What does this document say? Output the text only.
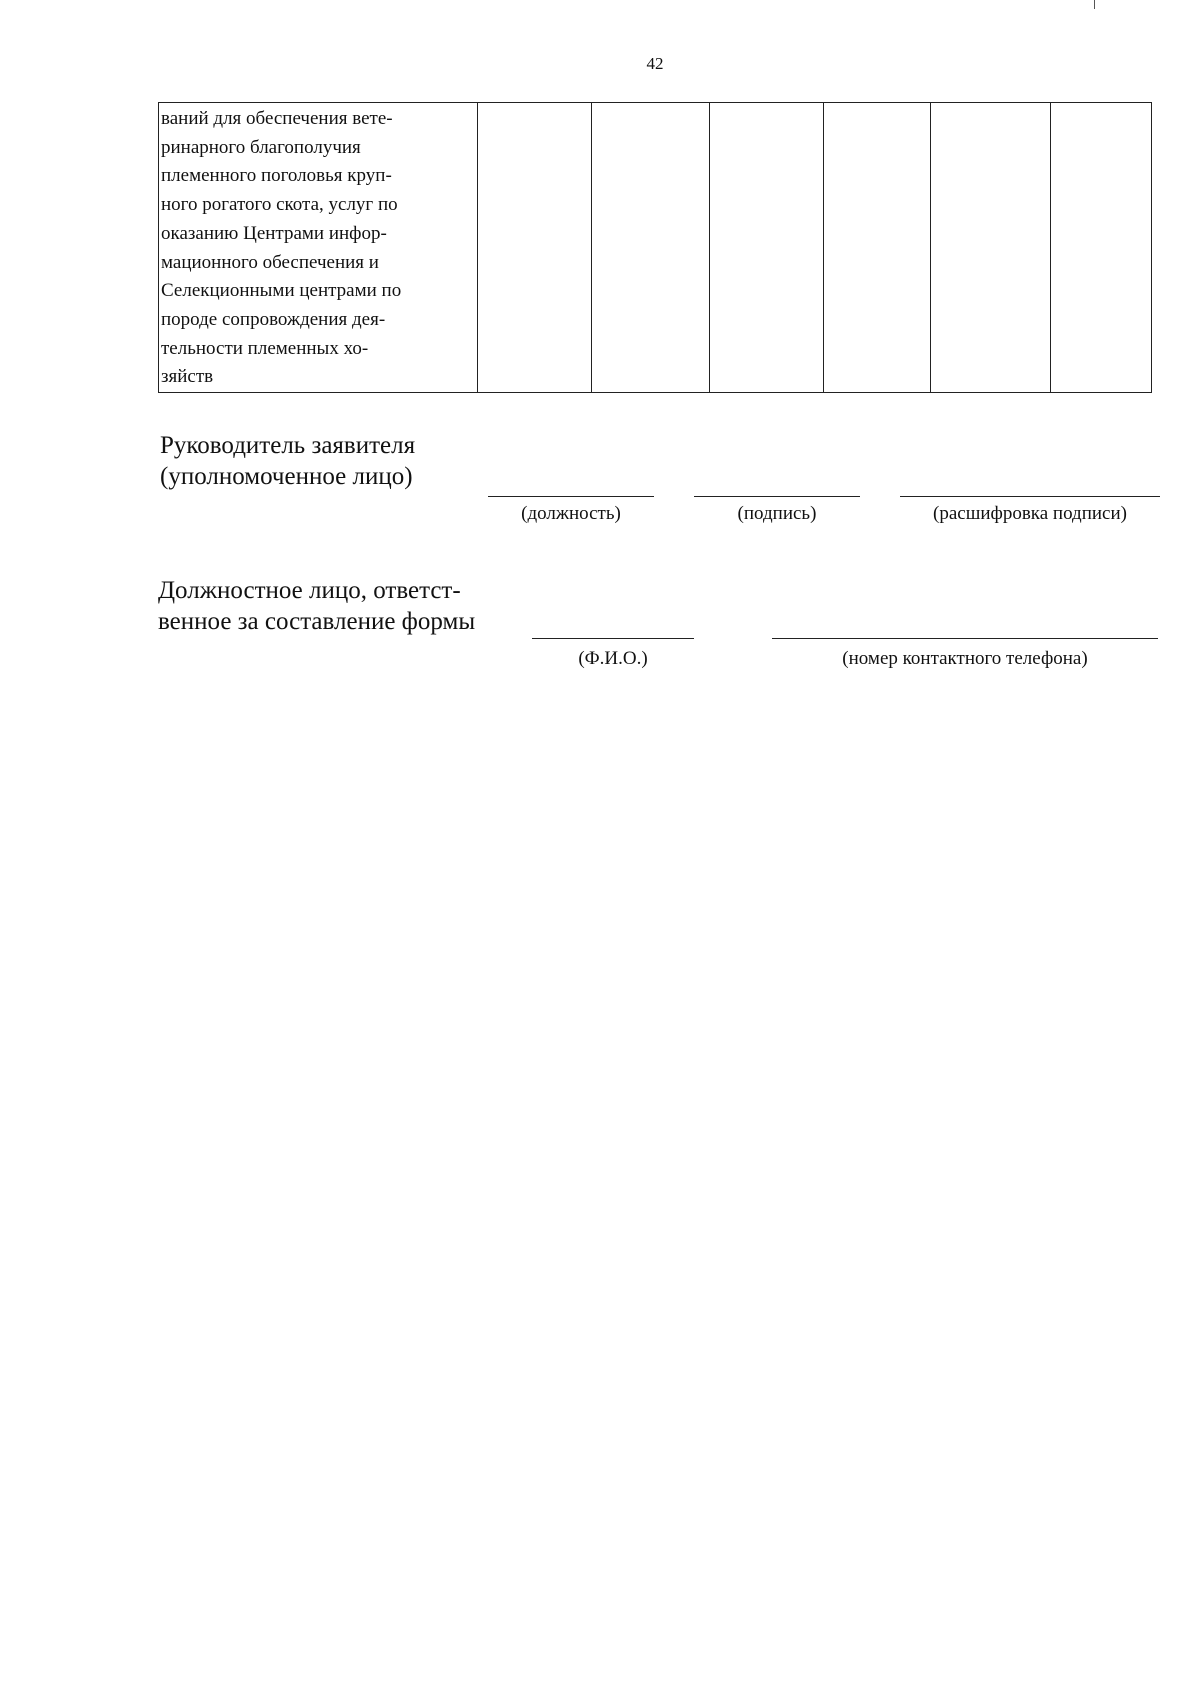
42
ваний для обеспечения вете-
ринарного благополучия
племенного поголовья круп-
ного рогатого скота, услуг по
оказанию Центрами инфор-
мационного обеспечения и
Селекционными центрами по
породе сопровождения дея-
тельности племенных хо-
зяйств						
Руководитель заявителя
(уполномоченное лицо)
(должность)	(подпись)	(расшифровка подписи)
Должностное лицо, ответст-
венное за составление формы
(Ф.И.О.)	(номер контактного телефона)
